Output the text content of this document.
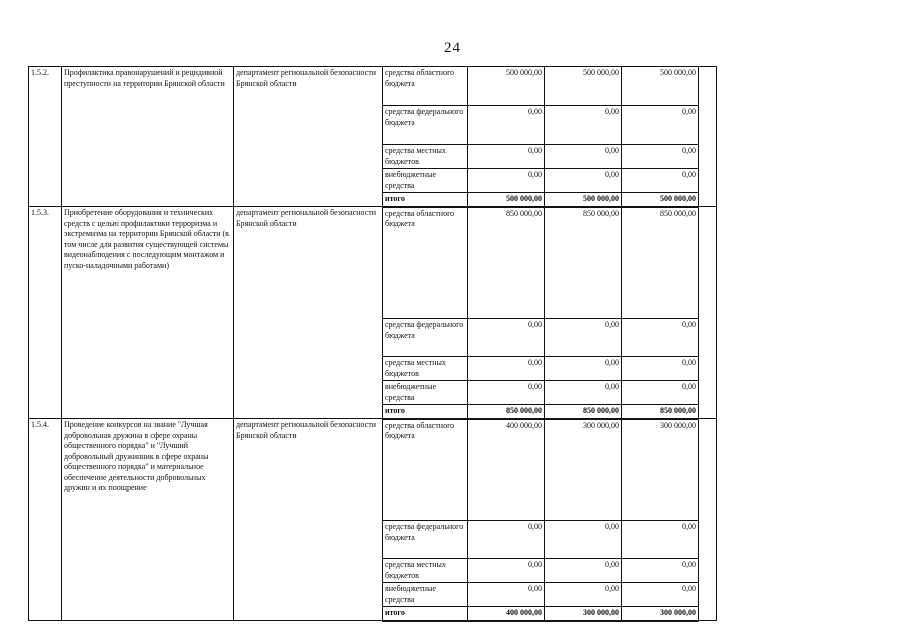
24
1.5.2.	Профилактика правонарушений и рецидивной преступности на территории Брянской области	департамент региональной безопасности Брянской области	средства областного бюджета	500 000,00	500 000,00	500 000,00	
			средства федерального бюджета	0,00	0,00	0,00	
			средства местных бюджетов	0,00	0,00	0,00	
			внебюджетные средства	0,00	0,00	0,00	
			итого	500 000,00	500 000,00	500 000,00	
1.5.3.	Приобретение оборудования и технических средств с целью профилактики терроризма и экстремизма на территории Брянской области (в том числе для развития существующей системы видеонаблюдения с последующим монтажом и пуско-наладочными работами)	департамент региональной безопасности Брянской области	средства областного бюджета	850 000,00	850 000,00	850 000,00	
			средства федерального бюджета	0,00	0,00	0,00	
			средства местных бюджетов	0,00	0,00	0,00	
			внебюджетные средства	0,00	0,00	0,00	
			итого	850 000,00	850 000,00	850 000,00	
1.5.4.	Проведение конкурсов на звание "Лучшая добровольная дружина в сфере охраны общественного порядка" и "Лучший добровольный дружинник в сфере охраны общественного порядка" и материальное обеспечение деятельности добровольных дружин и их поощрение	департамент региональной безопасности Брянской области	средства областного бюджета	400 000,00	300 000,00	300 000,00	
			средства федерального бюджета	0,00	0,00	0,00	
			средства местных бюджетов	0,00	0,00	0,00	
			внебюджетные средства	0,00	0,00	0,00	
			итого	400 000,00	300 000,00	300 000,00	
